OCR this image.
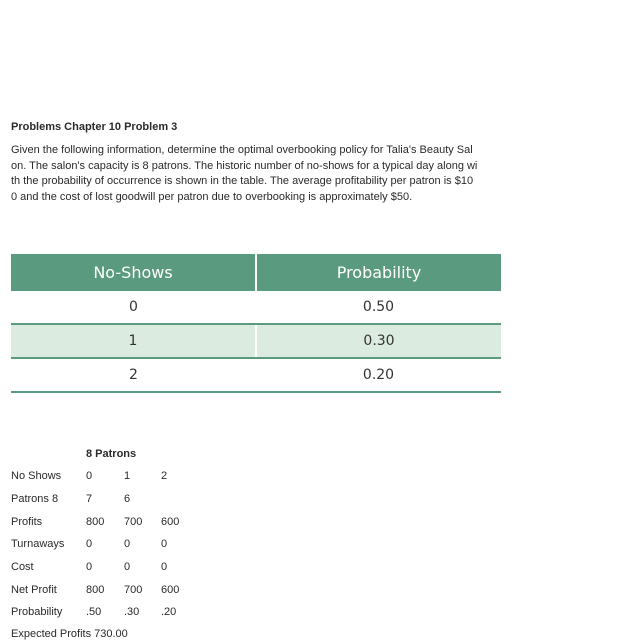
Problems Chapter 10 Problem 3
Given the following information, determine the optimal overbooking policy for Talia's Beauty Sal
on. The salon's capacity is 8 patrons. The historic number of no-shows for a typical day along wi
th the probability of occurrence is shown in the table. The average profitability per patron is $10
0 and the cost of lost goodwill per patron due to overbooking is approximately $50.
No-Shows	Probability
0	0.50
1	0.30
2	0.20
8 Patrons
No Shows 0	1	2
Patrons 8	7	6
Profits	800 700 600
Turnaways 0	0	0
Cost	0	0	0
Net Profit	800 700 600
Probability .50 .30 .20
Expected Profits 730.00
